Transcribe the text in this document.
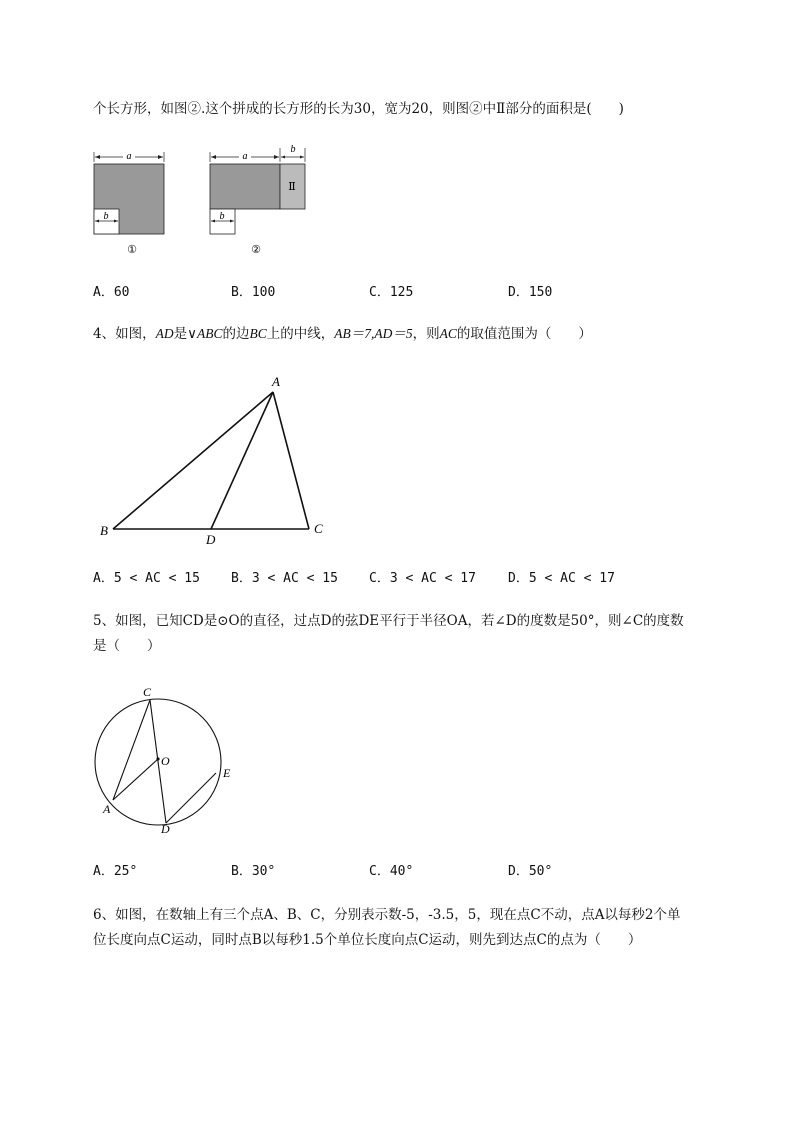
个长方形，如图②.这个拼成的长方形的长为30，宽为20，则图②中Ⅱ部分的面积是(　　)
a
b
①
a
b
Ⅱ
b
②
A．60	B．100	C．125	D．150
4、如图，AD是∨ABC的边BC上的中线，AB＝7,AD＝5，则AC的取值范围为（　　）
A
B	C
D
A．5 < AC < 15 B．3 < AC < 15 C．3 < AC < 17 D．5 < AC < 17
5、如图，已知CD是⊙O的直径，过点D的弦DE平行于半径OA，若∠D的度数是50°，则∠C的度数
是（　　）
C
O
A
D
E
A．25°	B．30°	C．40°	D．50°
6、如图，在数轴上有三个点A、B、C，分别表示数-5，-3.5，5，现在点C不动，点A以每秒2个单
位长度向点C运动，同时点B以每秒1.5个单位长度向点C运动，则先到达点C的点为（　　）
